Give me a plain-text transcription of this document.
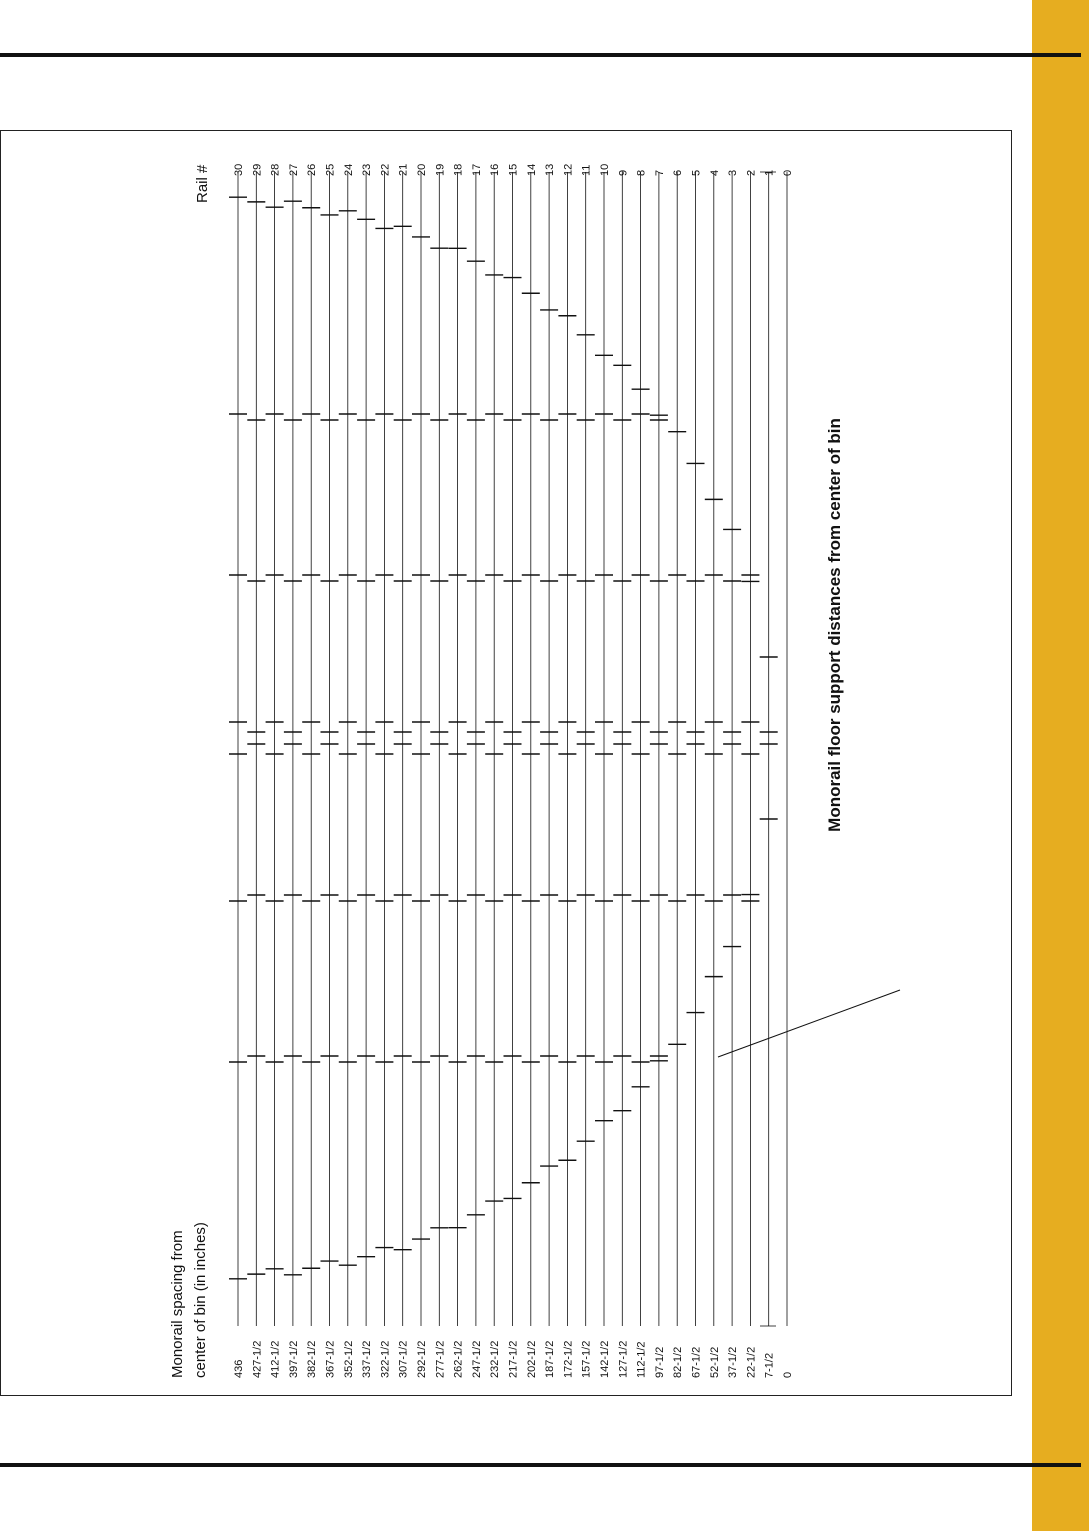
Monorail floor support distances from center of bin
Rail #
Monorail spacing from center of bin (in inches) 436
30
427-1/2
29
412-1/2
28
397-1/2
27
382-1/2
26
367-1/2
25
352-1/2
24
337-1/2
23
322-1/2
22
307-1/2
21
292-1/2
20
277-1/2
19
262-1/2
18
247-1/2
17
232-1/2
16
217-1/2
15
202-1/2
14
187-1/2
13
172-1/2
12
157-1/2
11
142-1/2
10
127-1/2
9
112-1/2
8
97-1/2
7
82-1/2
6
67-1/2
5
52-1/2
4
37-1/2
3
22-1/2
2
7-1/2
1
0
0
